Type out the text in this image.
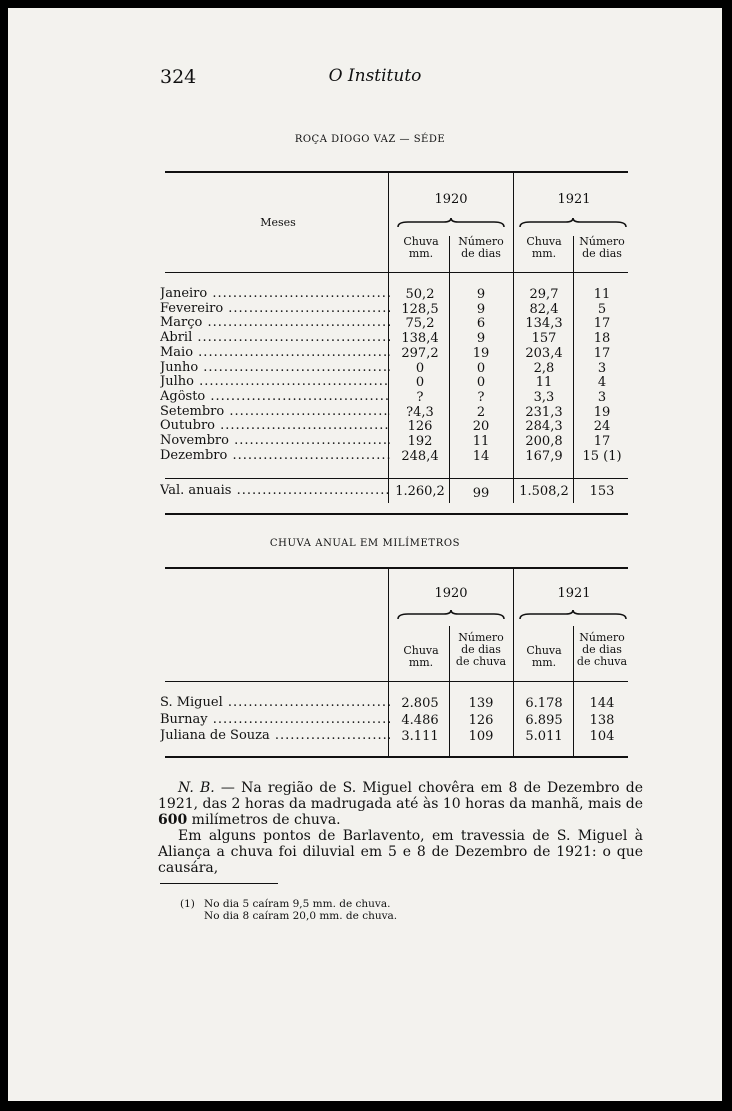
324	O Instituto
ROÇA DIOGO VAZ — SÉDE
Meses
1920	1921
Chuva
mm.
Número
de dias
Chuva
mm.
Número
de dias
Janeiro .....	50,2	9	29,7	11
Fevereiro .....	128,5	9	82,4	5
Março .....	75,2	6	134,3	17
Abril .....	138,4	9	157	18
Maio .....	297,2	19	203,4	17
Junho .....	0	0	2,8	3
Julho .....	0	0	11	4
Agôsto .....	?	?	3,3	3
Setembro .....	?4,3	2	231,3	19
Outubro .....	126	20	284,3	24
Novembro .....	192	11	200,8	17
Dezembro .....	248,4	14	167,9	15 (1)
Val. anuais .....	1.260,2	99	1.508,2	153
CHUVA ANUAL EM MILÍMETROS
1920	1921
Chuva
mm.
Número
de dias
de chuva
Chuva
mm.
Número
de dias
de chuva
S. Miguel .....	2.805	139	6.178	144
Burnay .....	4.486	126	6.895	138
Juliana de Souza .....	3.111	109	5.011	104
N. B. — Na região de S. Miguel chovêra em 8 de Dezembro de 1921, das 2 horas da madrugada até às 10 horas da manhã, mais de 600 milímetros de chuva.
Em alguns pontos de Barlavento, em travessia de S. Miguel à Aliança a chuva foi diluvial em 5 e 8 de Dezembro de 1921: o que causára,
(1) No dia 5 caíram 9,5 mm. de chuva.
No dia 8 caíram 20,0 mm. de chuva.
